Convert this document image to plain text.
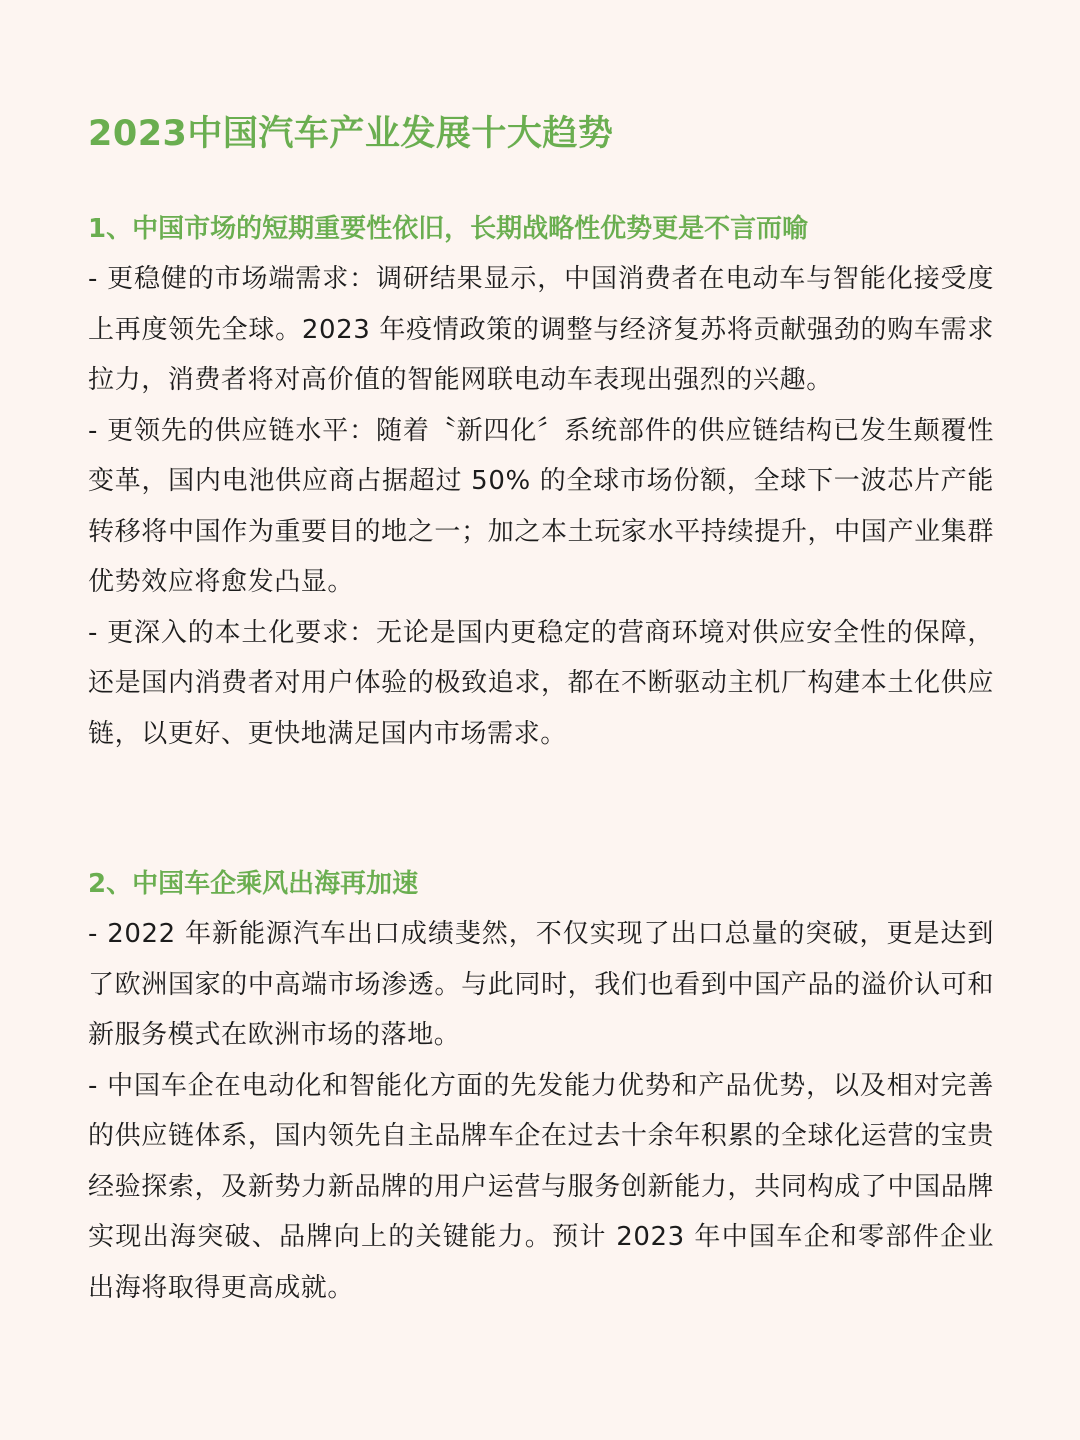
2023中国汽车产业发展十大趋势
1、中国市场的短期重要性依旧，长期战略性优势更是不言而喻

- 更稳健的市场端需求：调研结果显示，中国消费者在电动车与智能化接受度上再度领先全球。2023 年疫情政策的调整与经济复苏将贡献强劲的购车需求拉力，消费者将对高价值的智能网联电动车表现出强烈的兴趣。

- 更领先的供应链水平：随着〝新四化〞系统部件的供应链结构已发生颠覆性变革，国内电池供应商占据超过 50% 的全球市场份额，全球下一波芯片产能转移将中国作为重要目的地之一；加之本土玩家水平持续提升，中国产业集群优势效应将愈发凸显。

- 更深入的本土化要求：无论是国内更稳定的营商环境对供应安全性的保障，还是国内消费者对用户体验的极致追求，都在不断驱动主机厂构建本土化供应链，以更好、更快地满足国内市场需求。

2、中国车企乘风出海再加速

- 2022 年新能源汽车出口成绩斐然，不仅实现了出口总量的突破，更是达到了欧洲国家的中高端市场渗透。与此同时，我们也看到中国产品的溢价认可和新服务模式在欧洲市场的落地。

- 中国车企在电动化和智能化方面的先发能力优势和产品优势，以及相对完善的供应链体系，国内领先自主品牌车企在过去十余年积累的全球化运营的宝贵经验探索，及新势力新品牌的用户运营与服务创新能力，共同构成了中国品牌实现出海突破、品牌向上的关键能力。预计 2023 年中国车企和零部件企业出海将取得更高成就。
